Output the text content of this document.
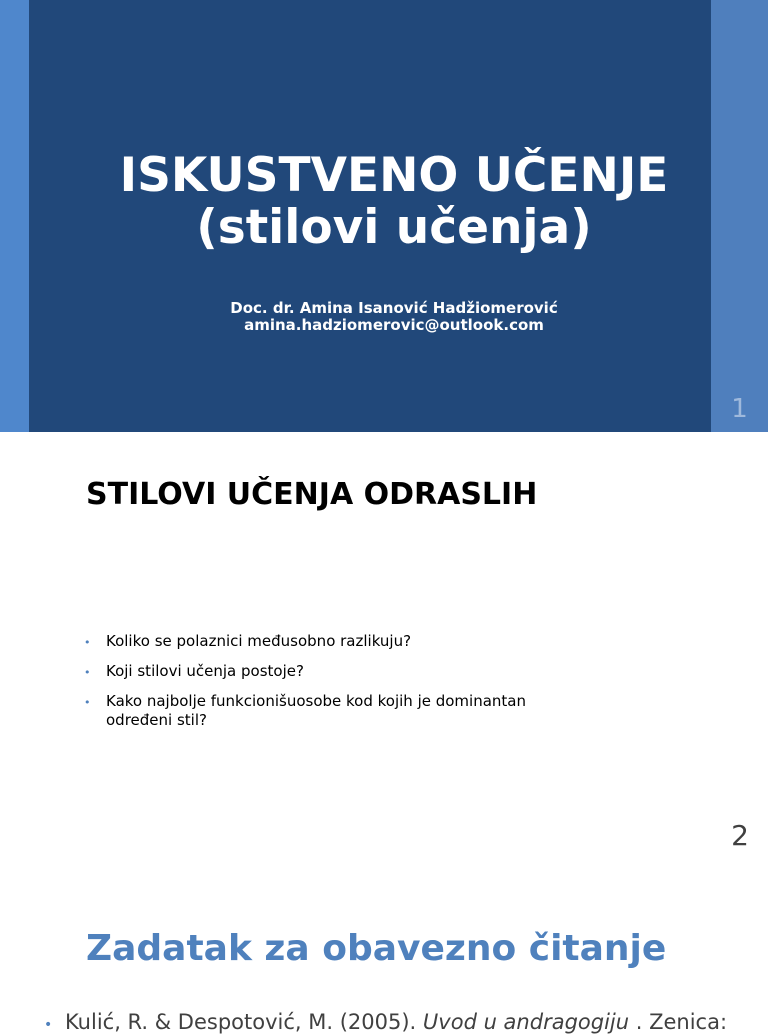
ISKUSTVENO UČENJE
(stilovi učenja)
Doc. dr. Amina Isanović Hadžiomerović
amina.hadziomerovic@outlook.com
1
STILOVI UČENJA ODRASLIH
• Koliko se polaznici međusobno razlikuju?
• Koji stilovi učenja postoje?
• Kako najbolje funkcionišuosobe kod kojih je dominantan određeni stil?
2
Zadatak za obavezno čitanje
• Kulić, R. & Despotović, M. (2005). Uvod u andragogiju . Zenica:
